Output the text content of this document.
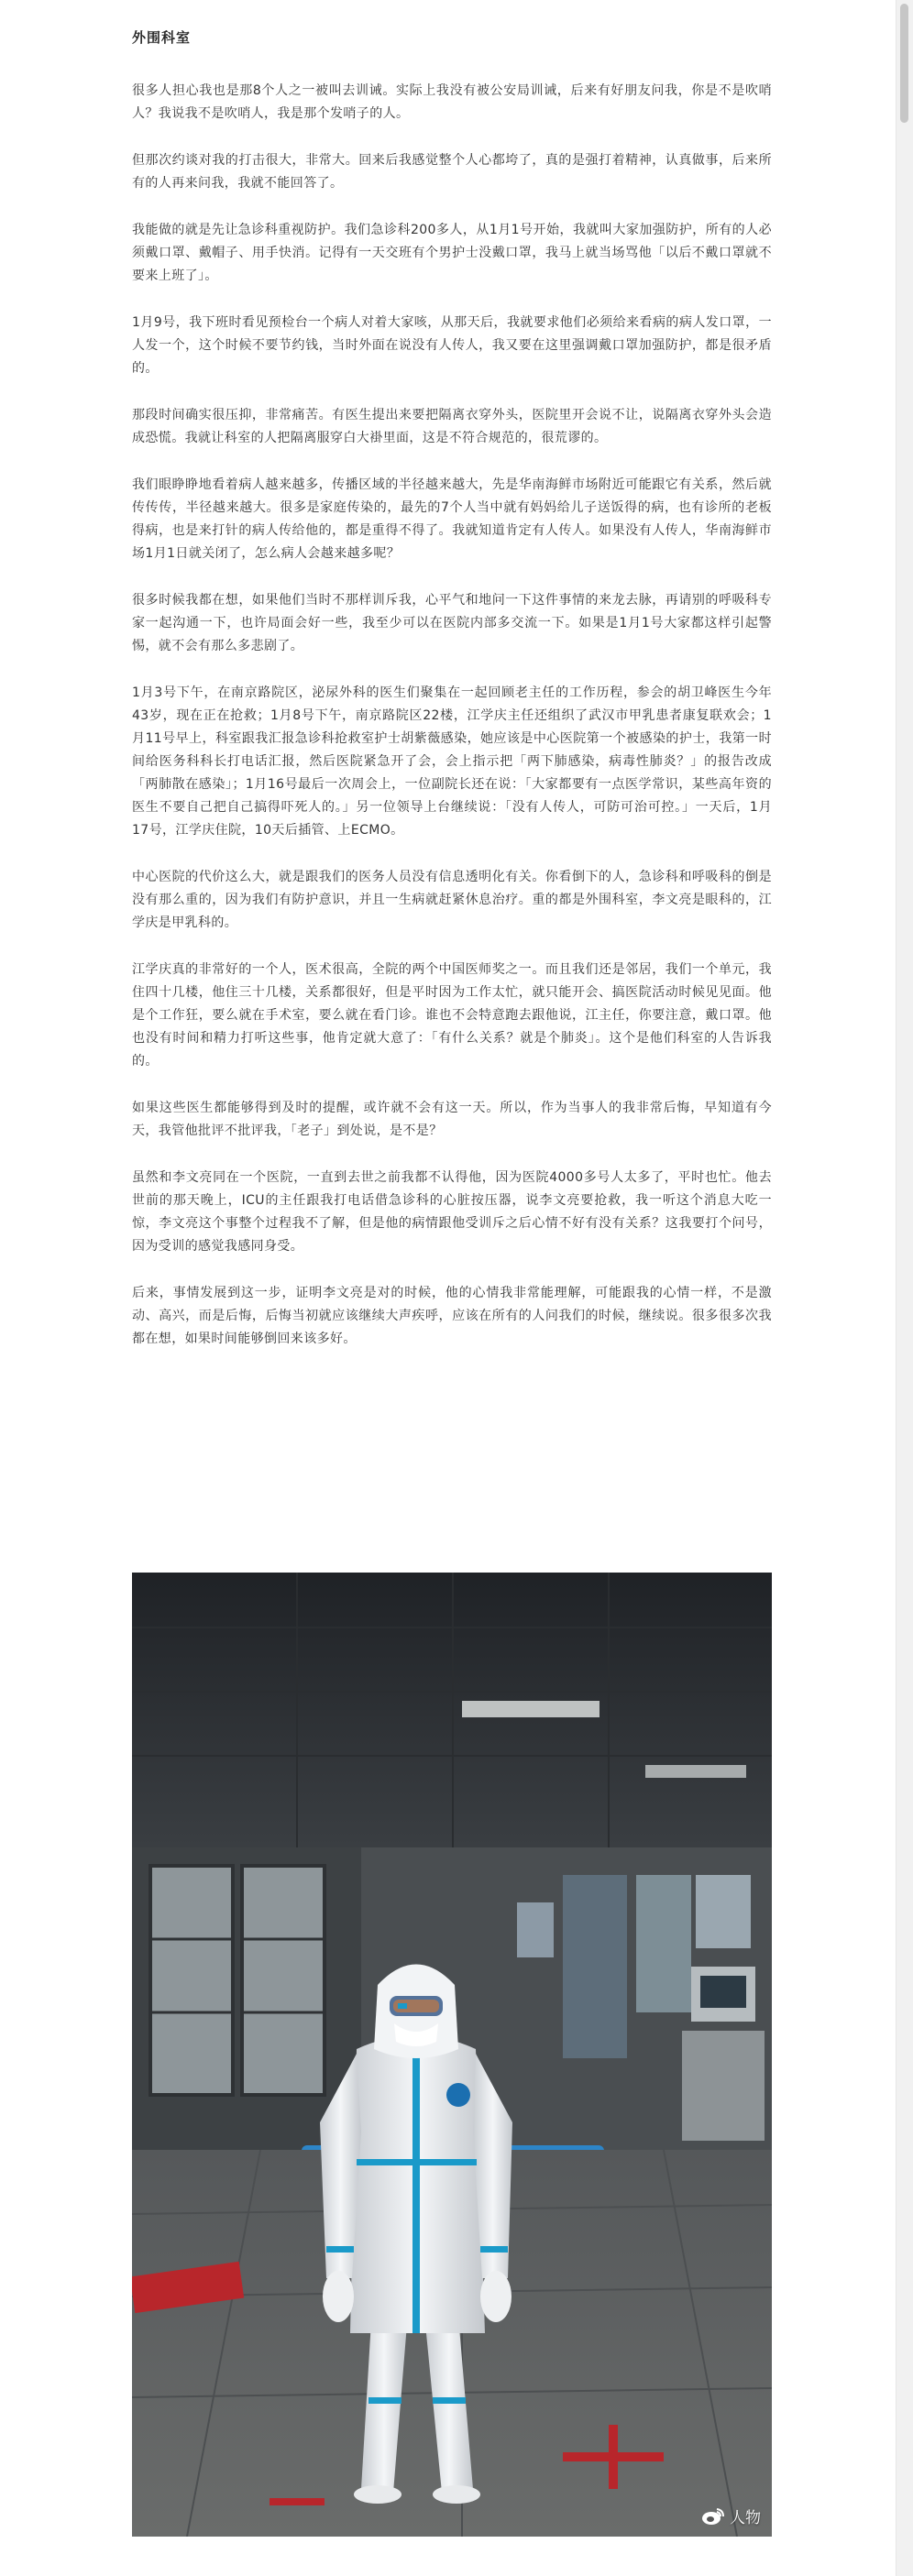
外围科室

很多人担心我也是那8个人之一被叫去训诫。实际上我没有被公安局训诫，后来有好朋友问我，你是不是吹哨人？我说我不是吹哨人，我是那个发哨子的人。

但那次约谈对我的打击很大，非常大。回来后我感觉整个人心都垮了，真的是强打着精神，认真做事，后来所有的人再来问我，我就不能回答了。

我能做的就是先让急诊科重视防护。我们急诊科200多人，从1月1号开始，我就叫大家加强防护，所有的人必须戴口罩、戴帽子、用手快消。记得有一天交班有个男护士没戴口罩，我马上就当场骂他「以后不戴口罩就不要来上班了」。

1月9号，我下班时看见预检台一个病人对着大家咳，从那天后，我就要求他们必须给来看病的病人发口罩，一人发一个，这个时候不要节约钱，当时外面在说没有人传人，我又要在这里强调戴口罩加强防护，都是很矛盾的。

那段时间确实很压抑，非常痛苦。有医生提出来要把隔离衣穿外头，医院里开会说不让，说隔离衣穿外头会造成恐慌。我就让科室的人把隔离服穿白大褂里面，这是不符合规范的，很荒谬的。

我们眼睁睁地看着病人越来越多，传播区域的半径越来越大，先是华南海鲜市场附近可能跟它有关系，然后就传传传，半径越来越大。很多是家庭传染的，最先的7个人当中就有妈妈给儿子送饭得的病，也有诊所的老板得病，也是来打针的病人传给他的，都是重得不得了。我就知道肯定有人传人。如果没有人传人，华南海鲜市场1月1日就关闭了，怎么病人会越来越多呢？

很多时候我都在想，如果他们当时不那样训斥我，心平气和地问一下这件事情的来龙去脉，再请别的呼吸科专家一起沟通一下，也许局面会好一些，我至少可以在医院内部多交流一下。如果是1月1号大家都这样引起警惕，就不会有那么多悲剧了。

1月3号下午，在南京路院区，泌尿外科的医生们聚集在一起回顾老主任的工作历程，参会的胡卫峰医生今年43岁，现在正在抢救；1月8号下午，南京路院区22楼，江学庆主任还组织了武汉市甲乳患者康复联欢会；1月11号早上，科室跟我汇报急诊科抢救室护士胡紫薇感染，她应该是中心医院第一个被感染的护士，我第一时间给医务科科长打电话汇报，然后医院紧急开了会，会上指示把「两下肺感染，病毒性肺炎？」的报告改成「两肺散在感染」；1月16号最后一次周会上，一位副院长还在说：「大家都要有一点医学常识，某些高年资的医生不要自己把自己搞得吓死人的。」另一位领导上台继续说：「没有人传人，可防可治可控。」一天后，1月17号，江学庆住院，10天后插管、上ECMO。

中心医院的代价这么大，就是跟我们的医务人员没有信息透明化有关。你看倒下的人，急诊科和呼吸科的倒是没有那么重的，因为我们有防护意识，并且一生病就赶紧休息治疗。重的都是外围科室，李文亮是眼科的，江学庆是甲乳科的。

江学庆真的非常好的一个人，医术很高，全院的两个中国医师奖之一。而且我们还是邻居，我们一个单元，我住四十几楼，他住三十几楼，关系都很好，但是平时因为工作太忙，就只能开会、搞医院活动时候见见面。他是个工作狂，要么就在手术室，要么就在看门诊。谁也不会特意跑去跟他说，江主任，你要注意，戴口罩。他也没有时间和精力打听这些事，他肯定就大意了：「有什么关系？就是个肺炎」。这个是他们科室的人告诉我的。

如果这些医生都能够得到及时的提醒，或许就不会有这一天。所以，作为当事人的我非常后悔，早知道有今天，我管他批评不批评我，「老子」到处说，是不是？

虽然和李文亮同在一个医院，一直到去世之前我都不认得他，因为医院4000多号人太多了，平时也忙。他去世前的那天晚上，ICU的主任跟我打电话借急诊科的心脏按压器，说李文亮要抢救，我一听这个消息大吃一惊，李文亮这个事整个过程我不了解，但是他的病情跟他受训斥之后心情不好有没有关系？这我要打个问号，因为受训的感觉我感同身受。

后来，事情发展到这一步，证明李文亮是对的时候，他的心情我非常能理解，可能跟我的心情一样，不是激动、高兴，而是后悔，后悔当初就应该继续大声疾呼，应该在所有的人问我们的时候，继续说。很多很多次我都在想，如果时间能够倒回来该多好。

人物
